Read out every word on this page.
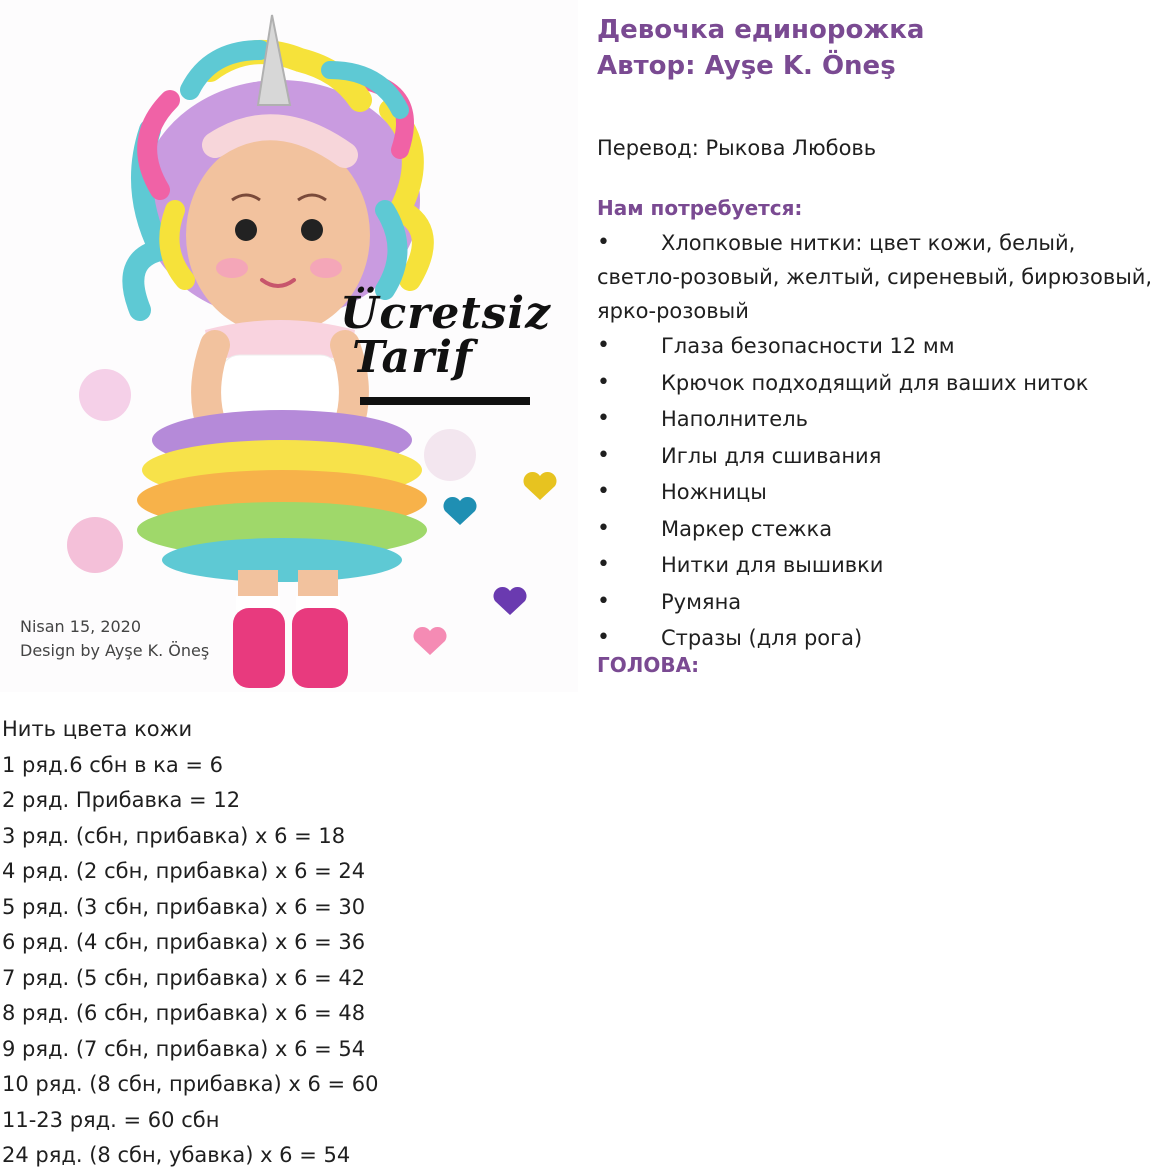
Ücretsiz
Tarif
Nisan 15, 2020
Design by Ayşe K. Öneş
Девочка единорожка
Автор: Ayşe K. Öneş
Перевод: Рыкова Любовь
Нам потребуется:
• Хлопковые нитки: цвет кожи, белый, светло-розовый, желтый, сиреневый, бирюзовый, ярко-розовый
• Глаза безопасности 12 мм
• Крючок подходящий для ваших ниток
• Наполнитель
• Иглы для сшивания
• Ножницы
• Маркер стежка
• Нитки для вышивки
• Румяна
• Стразы (для рога)
ГОЛОВА:
Нить цвета кожи
1 ряд.6 сбн в ка = 6
2 ряд. Прибавка = 12
3 ряд. (сбн, прибавка) х 6 = 18
4 ряд. (2 сбн, прибавка) х 6 = 24
5 ряд. (3 сбн, прибавка) х 6 = 30
6 ряд. (4 сбн, прибавка) х 6 = 36
7 ряд. (5 сбн, прибавка) х 6 = 42
8 ряд. (6 сбн, прибавка) х 6 = 48
9 ряд. (7 сбн, прибавка) х 6 = 54
10 ряд. (8 сбн, прибавка) х 6 = 60
11-23 ряд. = 60 сбн
24 ряд. (8 сбн, убавка) х 6 = 54
